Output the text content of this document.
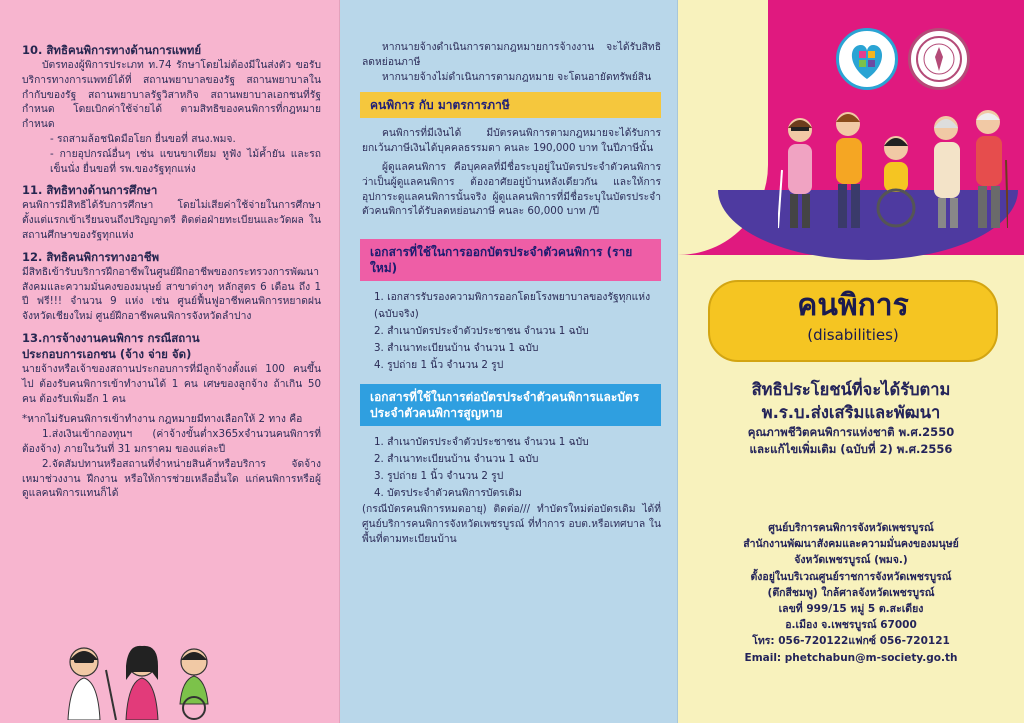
10. สิทธิคนพิการทางด้านการแพทย์

บัตรทองผู้พิการประเภท ท.74 รักษาโดยไม่ต้องมีในส่งตัว ขอรับบริการทางการแพทย์ได้ที่ สถานพยาบาลของรัฐ สถานพยาบาลในกำกับของรัฐ สถานพยาบาลรัฐวิสาหกิจ สถานพยาบาลเอกชนที่รัฐกำหนด โดยเบิกค่าใช้จ่ายได้ ตามสิทธิของคนพิการที่กฎหมายกำหนด

- รถสามล้อชนิดมือโยก ยื่นขอที่ สนง.พมจ.

- กายอุปกรณ์อื่นๆ เช่น แขนขาเทียม หูฟัง ไม้ค้ำยัน และรถเข็นนั่ง ยื่นขอที่ รพ.ของรัฐทุกแห่ง

11. สิทธิทางด้านการศึกษา

คนพิการมีสิทธิได้รับการศึกษา โดยไม่เสียค่าใช้จ่ายในการศึกษาตั้งแต่แรกเข้าเรียนจนถึงปริญญาตรี ติดต่อฝ่ายทะเบียนและวัดผล ในสถานศึกษาของรัฐทุกแห่ง

12. สิทธิคนพิการทางอาชีพ

มีสิทธิเข้ารับบริการฝึกอาชีพในศูนย์ฝึกอาชีพของกระทรวงการพัฒนาสังคมและความมั่นคงของมนุษย์ สาขาต่างๆ หลักสูตร 6 เดือน ถึง 1 ปี ฟรี!!! จำนวน 9 แห่ง เช่น ศูนย์ฟื้นฟูอาชีพคนพิการหยาดฝน จังหวัดเชียงใหม่ ศูนย์ฝึกอาชีพคนพิการจังหวัดลำปาง

13.การจ้างงานคนพิการ กรณีสถาน
ประกอบการเอกชน (จ้าง จ่าย จัด)

นายจ้างหรือเจ้าของสถานประกอบการที่มีลูกจ้างตั้งแต่ 100 คนขึ้นไป ต้องรับคนพิการเข้าทำงานได้ 1 คน เศษของลูกจ้าง ถ้าเกิน 50 คน ต้องรับเพิ่มอีก 1 คน

*หากไม่รับคนพิการเข้าทำงาน กฎหมายมีทางเลือกให้ 2 ทาง คือ

1.ส่งเงินเข้ากองทุนฯ (ค่าจ้างขั้นต่ำx365xจำนวนคนพิการที่ต้องจ้าง) ภายในวันที่ 31 มกราคม ของแต่ละปี

2.จัดสัมปทานหรือสถานที่จำหน่ายสินค้าหรือบริการ จัดจ้างเหมาช่วงงาน ฝึกงาน หรือให้การช่วยเหลืออื่นใด แก่คนพิการหรือผู้ดูแลคนพิการแทนก็ได้

หากนายจ้างดำเนินการตามกฎหมายการจ้างงาน จะได้รับสิทธิลดหย่อนภาษี

หากนายจ้างไม่ดำเนินการตามกฎหมาย จะโดนอายัดทรัพย์สิน

คนพิการ กับ มาตรการภาษี

คนพิการที่มีเงินได้ มีบัตรคนพิการตามกฎหมายจะได้รับการยกเว้นภาษีเงินได้บุคคลธรรมดา คนละ 190,000 บาท ในปีภาษีนั้น

ผู้ดูแลคนพิการ คือบุคคลที่มีชื่อระบุอยู่ในบัตรประจำตัวคนพิการ ว่าเป็นผู้ดูแลคนพิการ ต้องอาศัยอยู่บ้านหลังเดียวกัน และให้การอุปการะดูแลคนพิการนั้นจริง ผู้ดูแลคนพิการที่มีชื่อระบุในบัตรประจำตัวคนพิการได้รับลดหย่อนภาษี คนละ 60,000 บาท /ปี

เอกสารที่ใช้ในการออกบัตรประจำตัวคนพิการ (รายใหม่)
1. เอกสารรับรองความพิการออกโดยโรงพยาบาลของรัฐทุกแห่ง (ฉบับจริง)
2. สำเนาบัตรประจำตัวประชาชน จำนวน 1 ฉบับ
3. สำเนาทะเบียนบ้าน จำนวน 1 ฉบับ
4. รูปถ่าย 1 นิ้ว จำนวน 2 รูป
เอกสารที่ใช้ในการต่อบัตรประจำตัวคนพิการและบัตรประจำตัวคนพิการสูญหาย
1. สำเนาบัตรประจำตัวประชาชน จำนวน 1 ฉบับ
2. สำเนาทะเบียนบ้าน จำนวน 1 ฉบับ
3. รูปถ่าย 1 นิ้ว จำนวน 2 รูป
4. บัตรประจำตัวคนพิการบัตรเดิม

(กรณีบัตรคนพิการหมดอายุ) ติดต่อ/// ทำบัตรใหม่ต่อบัตรเดิม ได้ที่ ศูนย์บริการคนพิการจังหวัดเพชรบูรณ์ ที่ทำการ อบต.หรือเทศบาล ในพื้นที่ตามทะเบียนบ้าน

คนพิการ
(disabilities)
สิทธิประโยชน์ที่จะได้รับตาม
พ.ร.บ.ส่งเสริมและพัฒนา
คุณภาพชีวิตคนพิการแห่งชาติ พ.ศ.2550
และแก้ไขเพิ่มเติม (ฉบับที่ 2) พ.ศ.2556
ศูนย์บริการคนพิการจังหวัดเพชรบูรณ์
สำนักงานพัฒนาสังคมและความมั่นคงของมนุษย์
จังหวัดเพชรบูรณ์ (พมจ.)
ตั้งอยู่ในบริเวณศูนย์ราชการจังหวัดเพชรบูรณ์
(ตึกสีชมพู) ใกล้ศาลจังหวัดเพชรบูรณ์
เลขที่ 999/15 หมู่ 5 ต.สะเดียง
อ.เมือง จ.เพชรบูรณ์ 67000
โทร: 056-720122แฟกซ์ 056-720121
Email: phetchabun@m-society.go.th
